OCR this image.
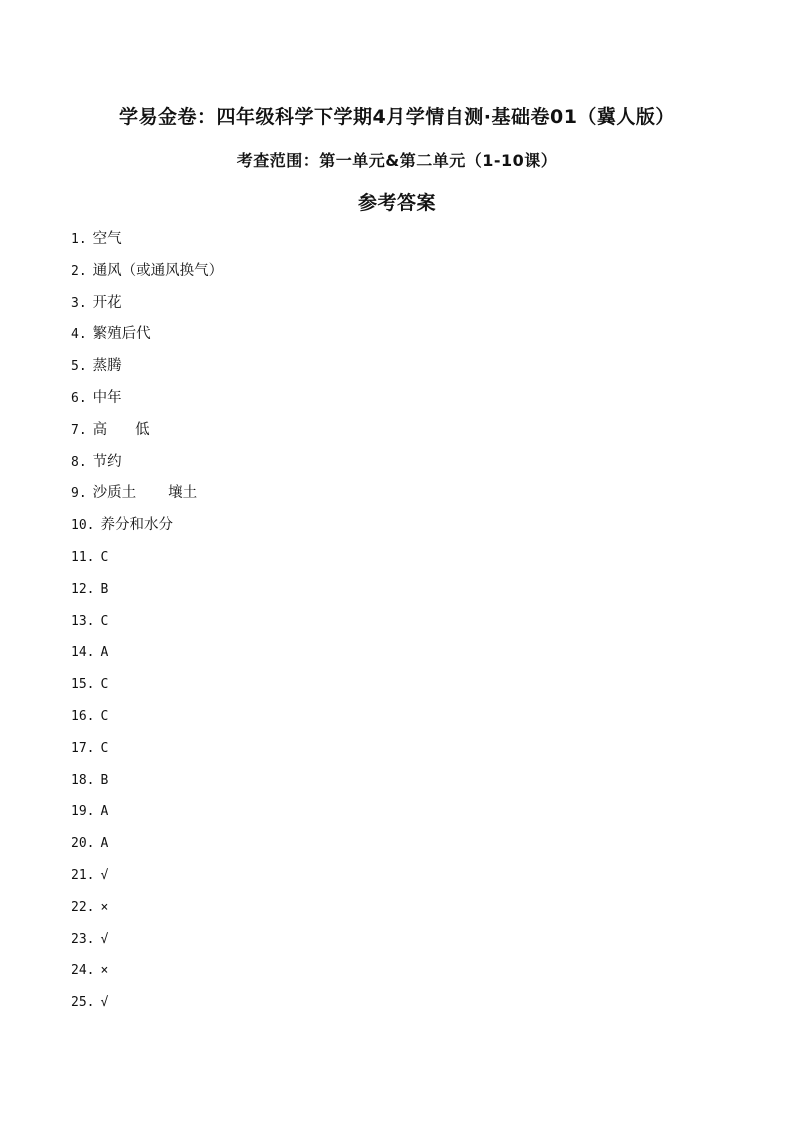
学易金卷：四年级科学下学期4月学情自测·基础卷01（冀人版）
考查范围：第一单元&第二单元（1-10课）
参考答案
1. 空气
2. 通风（或通风换气）
3. 开花
4. 繁殖后代
5. 蒸腾
6. 中年
7. 高 低
8. 节约
9. 沙质土 壤土
10. 养分和水分
11. C
12. B
13. C
14. A
15. C
16. C
17. C
18. B
19. A
20. A
21. √
22. ×
23. √
24. ×
25. √
